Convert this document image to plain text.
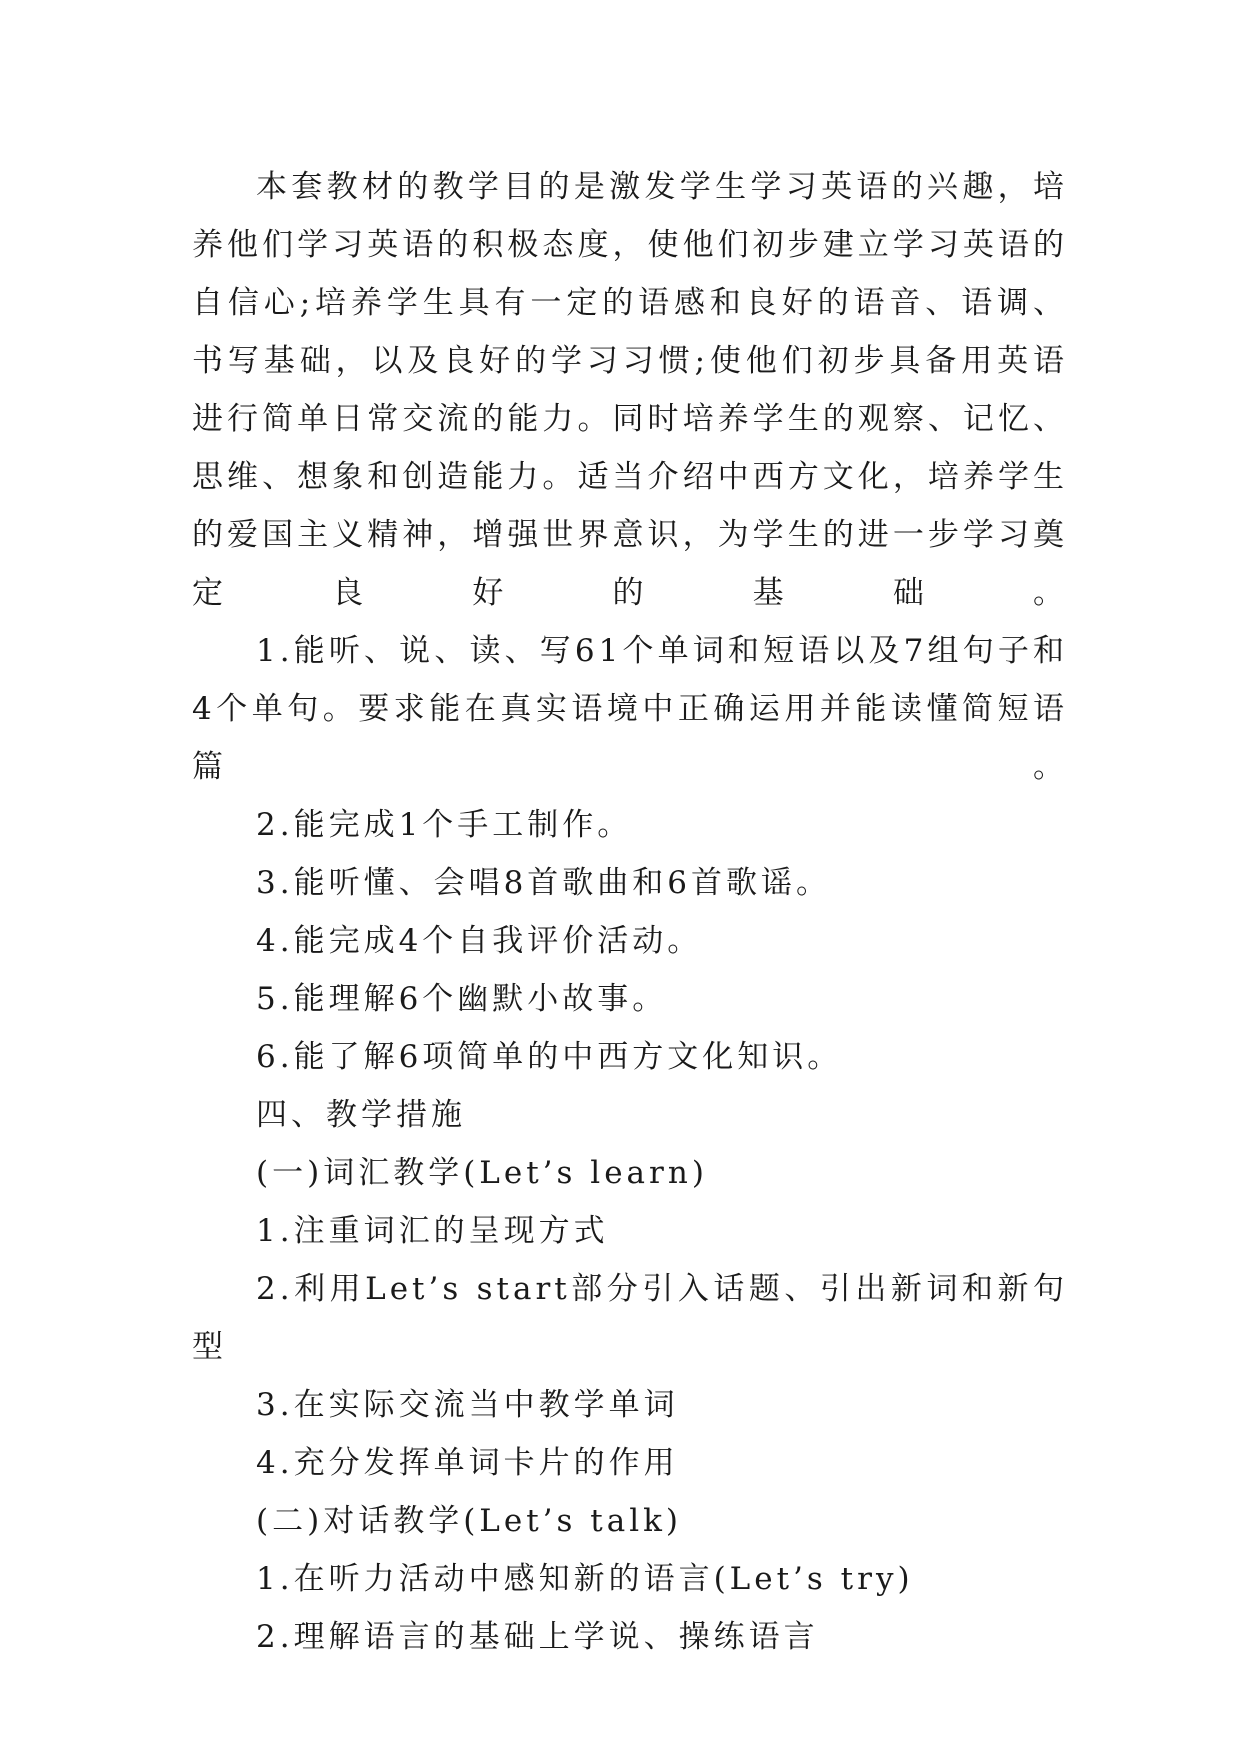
本套教材的教学目的是激发学生学习英语的兴趣，培养他们学习英语的积极态度，使他们初步建立学习英语的自信心;培养学生具有一定的语感和良好的语音、语调、书写基础，以及良好的学习习惯;使他们初步具备用英语进行简单日常交流的能力。同时培养学生的观察、记忆、思维、想象和创造能力。适当介绍中西方文化，培养学生的爱国主义精神，增强世界意识，为学生的进一步学习奠定良好的基础。

1.能听、说、读、写61个单词和短语以及7组句子和4个单句。要求能在真实语境中正确运用并能读懂简短语篇。

2.能完成1个手工制作。

3.能听懂、会唱8首歌曲和6首歌谣。

4.能完成4个自我评价活动。

5.能理解6个幽默小故事。

6.能了解6项简单的中西方文化知识。

四、教学措施

(一)词汇教学(Let’s learn)

1.注重词汇的呈现方式

2.利用Let’s start部分引入话题、引出新词和新句型

3.在实际交流当中教学单词

4.充分发挥单词卡片的作用

(二)对话教学(Let’s talk)

1.在听力活动中感知新的语言(Let’s try)

2.理解语言的基础上学说、操练语言
